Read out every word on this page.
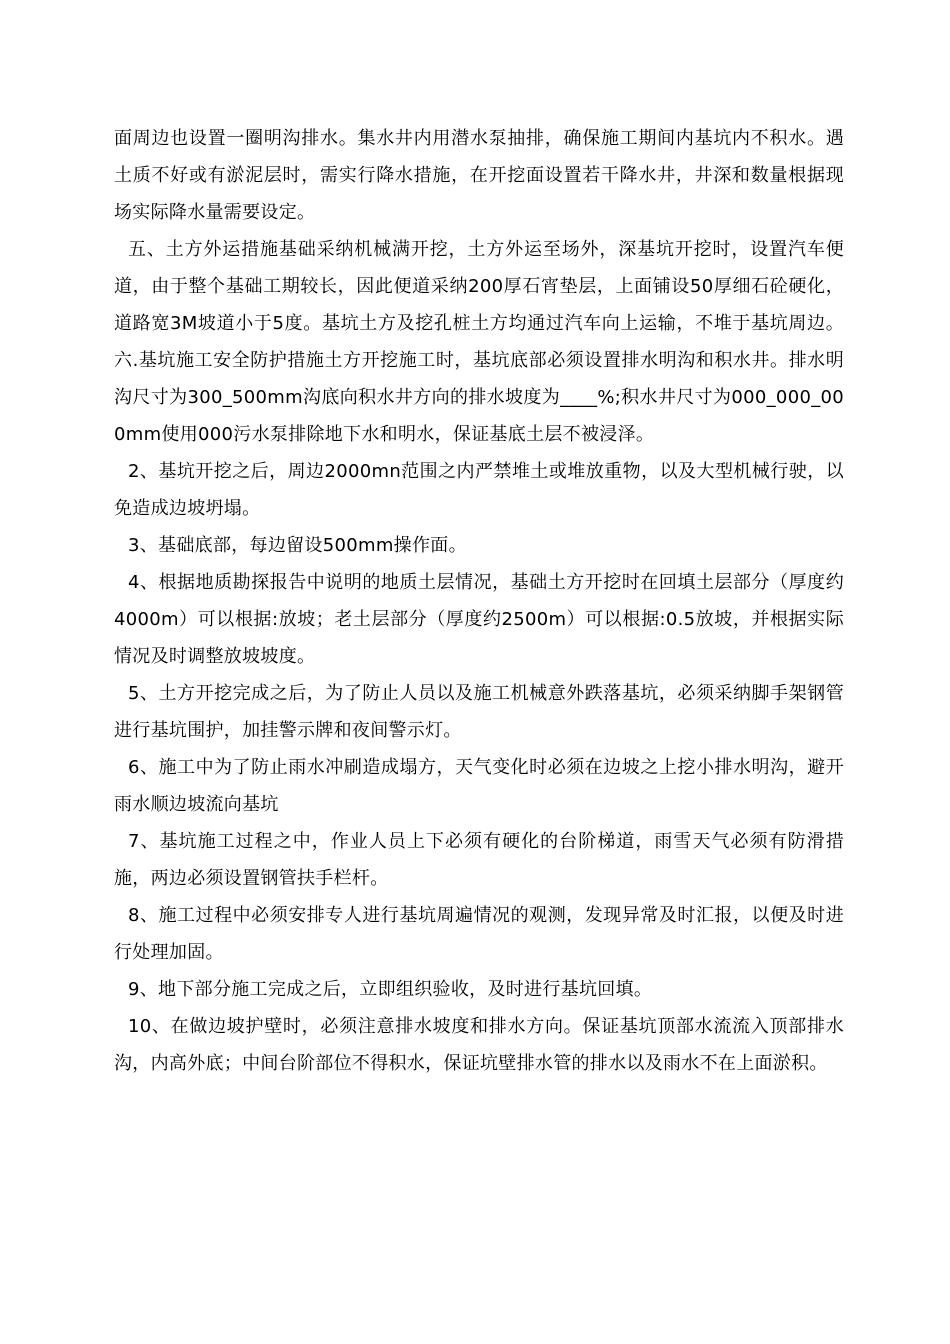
面周边也设置一圈明沟排水。集水井内用潜水泵抽排，确保施工期间内基坑内不积水。遇土质不好或有淤泥层时，需实行降水措施，在开挖面设置若干降水井，井深和数量根据现场实际降水量需要设定。

五、土方外运措施基础采纳机械满开挖，土方外运至场外，深基坑开挖时，设置汽车便道，由于整个基础工期较长，因此便道采纳200厚石宵垫层，上面铺设50厚细石砼硬化，道路宽3M坡道小于5度。基坑土方及挖孔桩土方均通过汽车向上运输，不堆于基坑周边。六.基坑施工安全防护措施土方开挖施工时，基坑底部必须设置排水明沟和积水井。排水明沟尺寸为300_500mm沟底向积水井方向的排水坡度为____%;积水井尺寸为000_000_000mm使用000污水泵排除地下水和明水，保证基底土层不被浸泽。

2、基坑开挖之后，周边2000mn范围之内严禁堆土或堆放重物，以及大型机械行驶，以免造成边坡坍塌。

3、基础底部，每边留设500mm操作面。

4、根据地质勘探报告中说明的地质土层情况，基础土方开挖时在回填土层部分（厚度约4000m）可以根据:放坡；老土层部分（厚度约2500m）可以根据:0.5放坡，并根据实际情况及时调整放坡坡度。

5、土方开挖完成之后，为了防止人员以及施工机械意外跌落基坑，必须采纳脚手架钢管进行基坑围护，加挂警示牌和夜间警示灯。

6、施工中为了防止雨水冲刷造成塌方，天气变化时必须在边坡之上挖小排水明沟，避开雨水顺边坡流向基坑

7、基坑施工过程之中，作业人员上下必须有硬化的台阶梯道，雨雪天气必须有防滑措施，两边必须设置钢管扶手栏杆。

8、施工过程中必须安排专人进行基坑周遍情况的观测，发现异常及时汇报，以便及时进行处理加固。

9、地下部分施工完成之后，立即组织验收，及时进行基坑回填。

10、在做边坡护壁时，必须注意排水坡度和排水方向。保证基坑顶部水流流入顶部排水沟，内高外底；中间台阶部位不得积水，保证坑壁排水管的排水以及雨水不在上面淤积。
